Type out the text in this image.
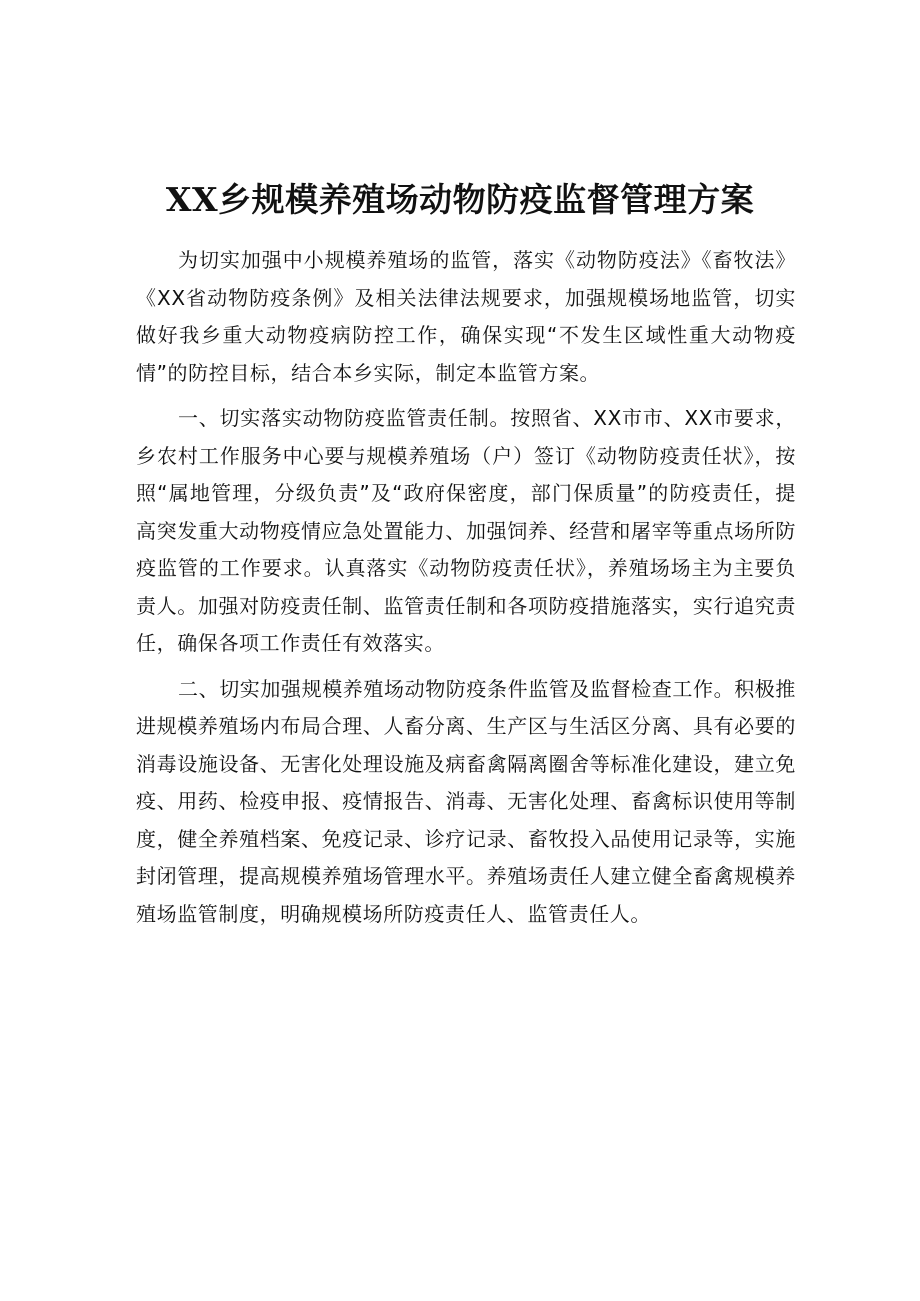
XX乡规模养殖场动物防疫监督管理方案

为切实加强中小规模养殖场的监管，落实《动物防疫法》《畜牧法》《XX省动物防疫条例》及相关法律法规要求，加强规模场地监管，切实做好我乡重大动物疫病防控工作，确保实现“不发生区域性重大动物疫情”的防控目标，结合本乡实际，制定本监管方案。

一、切实落实动物防疫监管责任制。按照省、XX市市、XX市要求，乡农村工作服务中心要与规模养殖场（户）签订《动物防疫责任状》，按照“属地管理，分级负责”及“政府保密度，部门保质量”的防疫责任，提高突发重大动物疫情应急处置能力、加强饲养、经营和屠宰等重点场所防疫监管的工作要求。认真落实《动物防疫责任状》，养殖场场主为主要负责人。加强对防疫责任制、监管责任制和各项防疫措施落实，实行追究责任，确保各项工作责任有效落实。

二、切实加强规模养殖场动物防疫条件监管及监督检查工作。积极推进规模养殖场内布局合理、人畜分离、生产区与生活区分离、具有必要的消毒设施设备、无害化处理设施及病畜禽隔离圈舍等标准化建设，建立免疫、用药、检疫申报、疫情报告、消毒、无害化处理、畜禽标识使用等制度，健全养殖档案、免疫记录、诊疗记录、畜牧投入品使用记录等，实施封闭管理，提高规模养殖场管理水平。养殖场责任人建立健全畜禽规模养殖场监管制度，明确规模场所防疫责任人、监管责任人。
